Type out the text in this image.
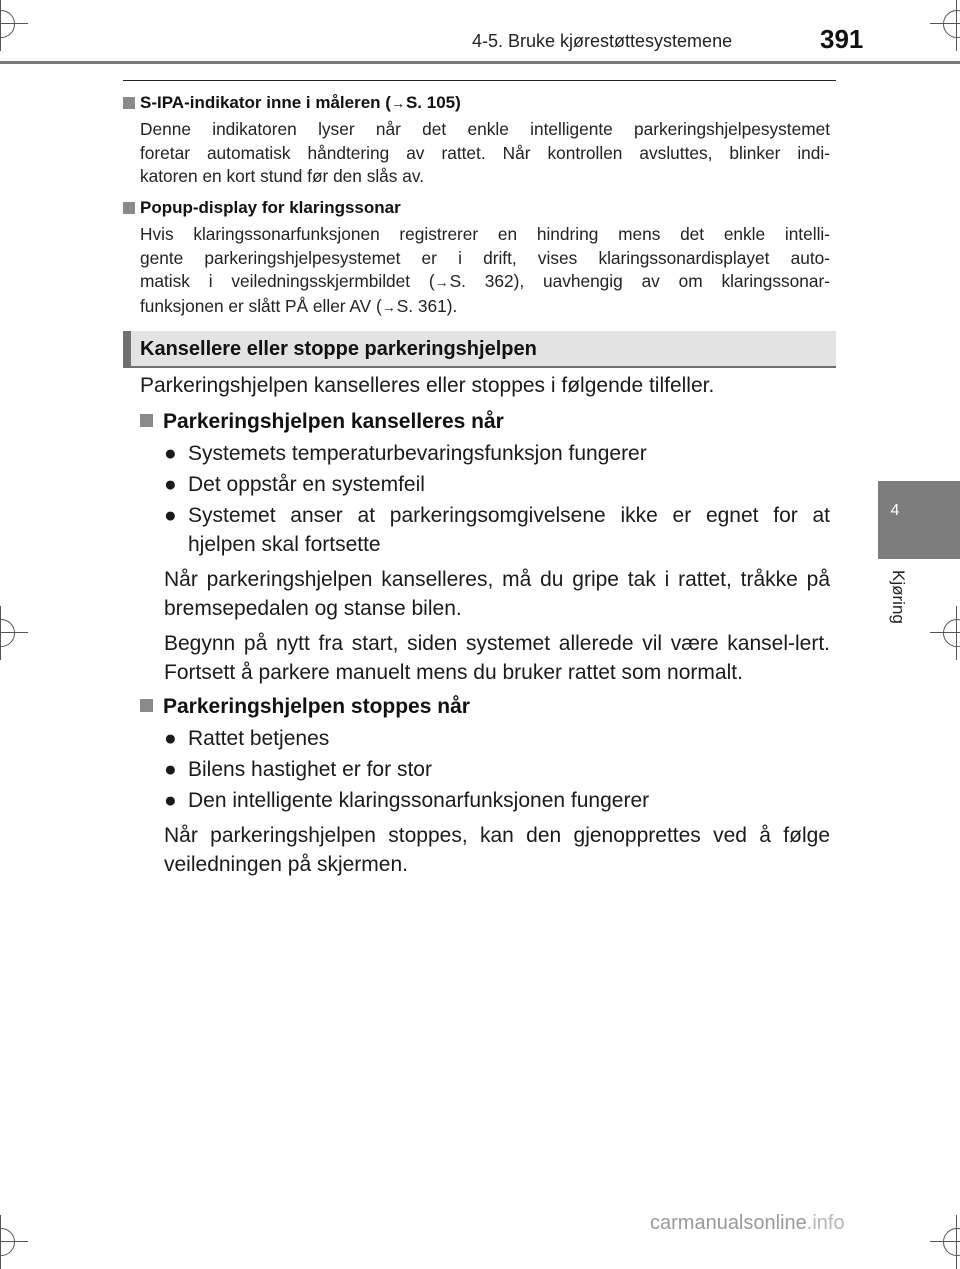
4-5. Bruke kjørestøttesystemene	391
4
Kjøring
S-IPA-indikator inne i måleren (→S. 105)
Denne indikatoren lyser når det enkle intelligente parkeringshjelpesystemet
foretar automatisk håndtering av rattet. Når kontrollen avsluttes, blinker indi-
katoren en kort stund før den slås av.
Popup-display for klaringssonar
Hvis klaringssonarfunksjonen registrerer en hindring mens det enkle intelli-
gente parkeringshjelpesystemet er i drift, vises klaringssonardisplayet auto-
matisk i veiledningsskjermbildet (→S. 362), uavhengig av om klaringssonar-
funksjonen er slått PÅ eller AV (→S. 361).
Kansellere eller stoppe parkeringshjelpen
Parkeringshjelpen kanselleres eller stoppes i følgende tilfeller.
Parkeringshjelpen kanselleres når
● Systemets temperaturbevaringsfunksjon fungerer
● Det oppstår en systemfeil
● Systemet anser at parkeringsomgivelsene ikke er egnet for at hjelpen skal fortsette
Når parkeringshjelpen kanselleres, må du gripe tak i rattet, tråkke på bremsepedalen og stanse bilen.
Begynn på nytt fra start, siden systemet allerede vil være kansel-lert. Fortsett å parkere manuelt mens du bruker rattet som normalt.
Parkeringshjelpen stoppes når
● Rattet betjenes
● Bilens hastighet er for stor
● Den intelligente klaringssonarfunksjonen fungerer
Når parkeringshjelpen stoppes, kan den gjenopprettes ved å følge veiledningen på skjermen.
carmanualsonline.info
